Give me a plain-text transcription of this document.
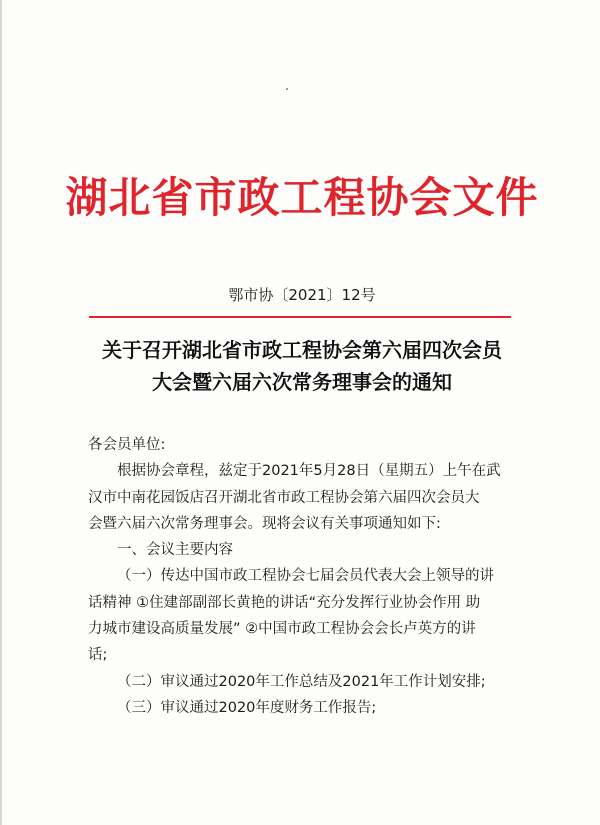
湖北省市政工程协会文件
鄂市协〔2021〕12号
关于召开湖北省市政工程协会第六届四次会员
大会暨六届六次常务理事会的通知
各会员单位:
根据协会章程，兹定于2021年5月28日（星期五）上午在武
汉市中南花园饭店召开湖北省市政工程协会第六届四次会员大
会暨六届六次常务理事会。现将会议有关事项通知如下:
一、会议主要内容
（一）传达中国市政工程协会七届会员代表大会上领导的讲
话精神 ①住建部副部长黄艳的讲话“充分发挥行业协会作用 助
力城市建设高质量发展” ②中国市政工程协会会长卢英方的讲
话;
（二）审议通过2020年工作总结及2021年工作计划安排;
（三）审议通过2020年度财务工作报告;
